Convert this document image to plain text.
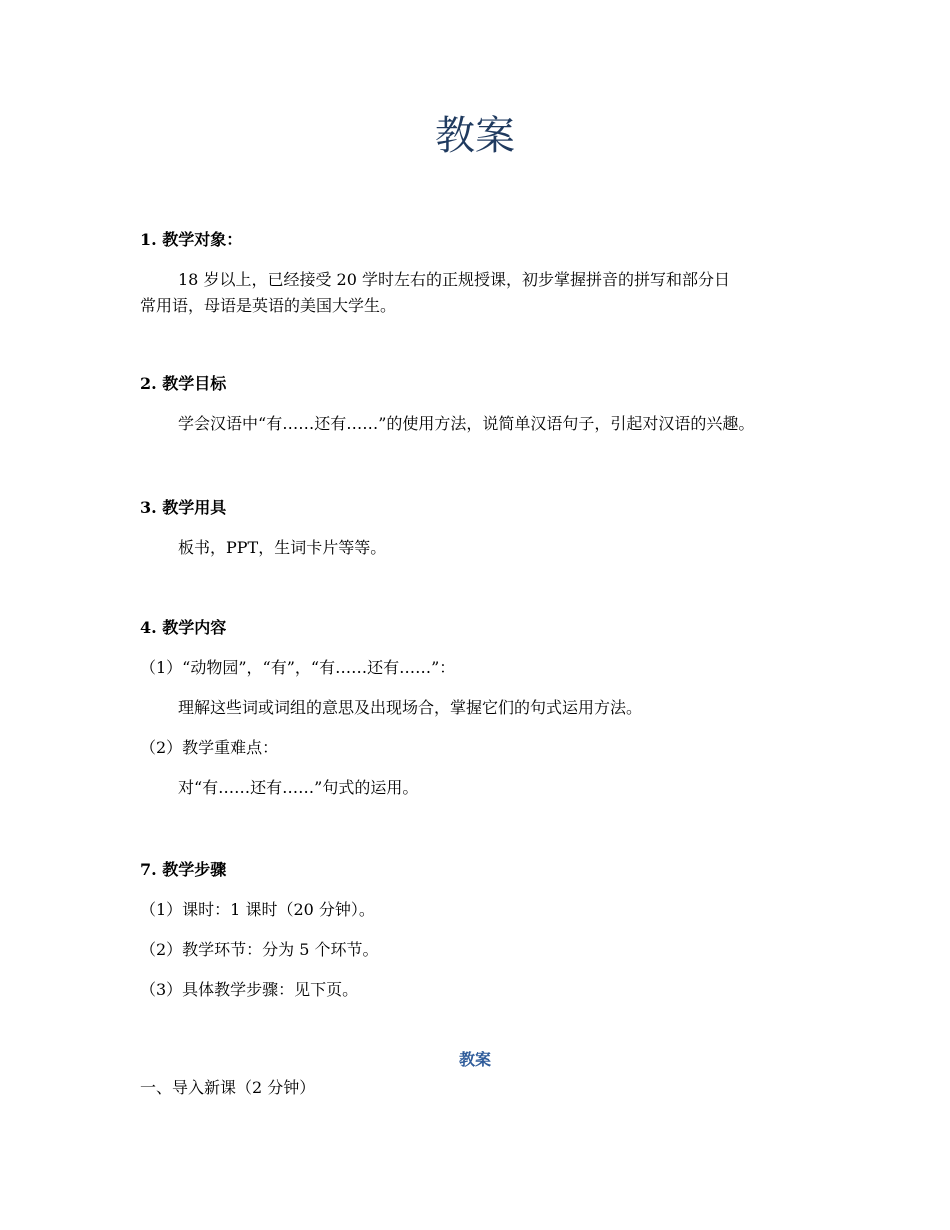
教案
1. 教学对象：
18 岁以上，已经接受 20 学时左右的正规授课，初步掌握拼音的拼写和部分日
常用语，母语是英语的美国大学生。
2. 教学目标
学会汉语中“有……还有……”的使用方法，说简单汉语句子，引起对汉语的兴趣。
3. 教学用具
板书，PPT，生词卡片等等。
4. 教学内容
（1）“动物园”，“有”，“有……还有……”：
理解这些词或词组的意思及出现场合，掌握它们的句式运用方法。
（2）教学重难点：
对“有……还有……”句式的运用。
7. 教学步骤
（1）课时：1 课时（20 分钟）。
（2）教学环节：分为 5 个环节。
（3）具体教学步骤：见下页。
教案
一、导入新课（2 分钟）
